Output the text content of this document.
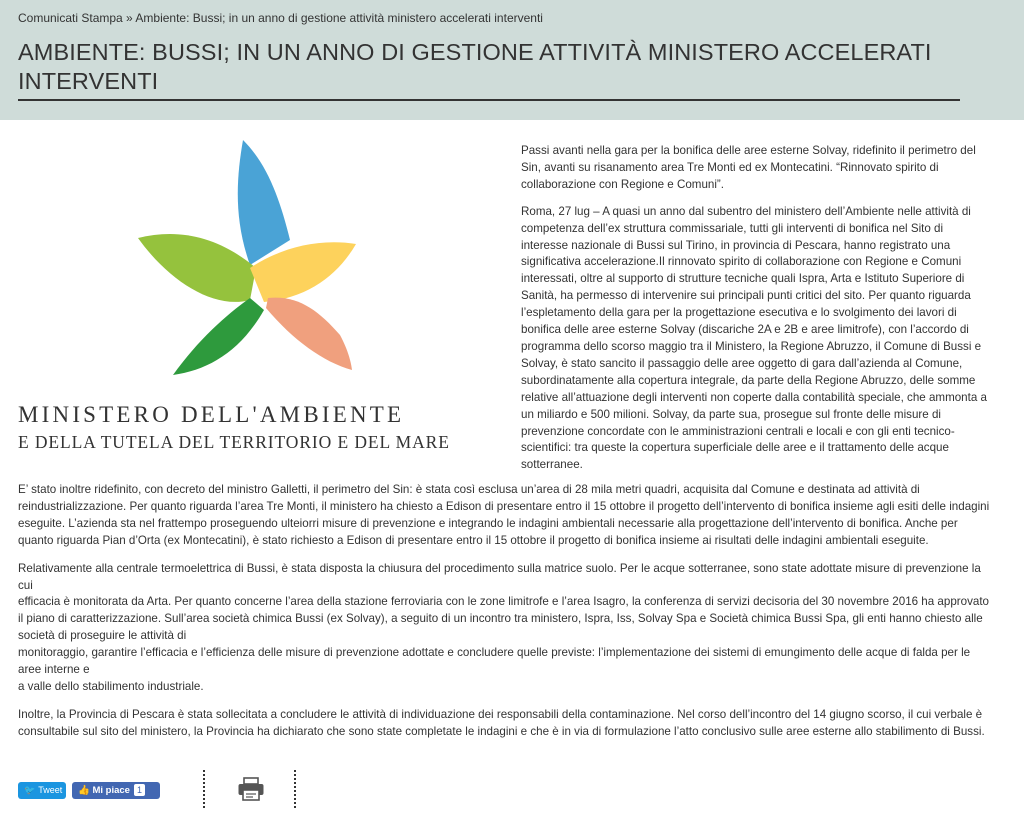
Comunicati Stampa » Ambiente: Bussi; in un anno di gestione attività ministero accelerati interventi
AMBIENTE: BUSSI; IN UN ANNO DI GESTIONE ATTIVITÀ MINISTERO ACCELERATI INTERVENTI
MINISTERO DELL'AMBIENTE
E DELLA TUTELA DEL TERRITORIO E DEL MARE

Passi avanti nella gara per la bonifica delle aree esterne Solvay, ridefinito il perimetro del Sin, avanti su risanamento area Tre Monti ed ex Montecatini. “Rinnovato spirito di collaborazione con Regione e Comuni”.

Roma, 27 lug – A quasi un anno dal subentro del ministero dell’Ambiente nelle attività di competenza dell’ex struttura commissariale, tutti gli interventi di bonifica nel Sito di interesse nazionale di Bussi sul Tirino, in provincia di Pescara, hanno registrato una significativa accelerazione.Il rinnovato spirito di collaborazione con Regione e Comuni interessati, oltre al supporto di strutture tecniche quali Ispra, Arta e Istituto Superiore di Sanità, ha permesso di intervenire sui principali punti critici del sito. Per quanto riguarda l’espletamento della gara per la progettazione esecutiva e lo svolgimento dei lavori di bonifica delle aree esterne Solvay (discariche 2A e 2B e aree limitrofe), con l’accordo di programma dello scorso maggio tra il Ministero, la Regione Abruzzo, il Comune di Bussi e Solvay, è stato sancito il passaggio delle aree oggetto di gara dall’azienda al Comune, subordinatamente alla copertura integrale, da parte della Regione Abruzzo, delle somme relative all’attuazione degli interventi non coperte dalla contabilità speciale, che ammonta a un miliardo e 500 milioni. Solvay, da parte sua, prosegue sul fronte delle misure di prevenzione concordate con le amministrazioni centrali e locali e con gli enti tecnico-scientifici: tra queste la copertura superficiale delle aree e il trattamento delle acque sotterranee.

E’ stato inoltre ridefinito, con decreto del ministro Galletti, il perimetro del Sin: è stata così esclusa un’area di 28 mila metri quadri, acquisita dal Comune e destinata ad attività di reindustrializzazione. Per quanto riguarda l’area Tre Monti, il ministero ha chiesto a Edison di presentare entro il 15 ottobre il progetto dell’intervento di bonifica insieme agli esiti delle indagini eseguite. L’azienda sta nel frattempo proseguendo ulteiorri misure di prevenzione e integrando le indagini ambientali necessarie alla progettazione dell’intervento di bonifica. Anche per quanto riguarda Pian d’Orta (ex Montecatini), è stato richiesto a Edison di presentare entro il 15 ottobre il progetto di bonifica insieme ai risultati delle indagini ambientali eseguite.

Relativamente alla centrale termoelettrica di Bussi, è stata disposta la chiusura del procedimento sulla matrice suolo. Per le acque sotterranee, sono state adottate misure di prevenzione la cui
efficacia è monitorata da Arta. Per quanto concerne l’area della stazione ferroviaria con le zone limitrofe e l’area Isagro, la conferenza di servizi decisoria del 30 novembre 2016 ha approvato il piano di caratterizzazione. Sull’area società chimica Bussi (ex Solvay), a seguito di un incontro tra ministero, Ispra, Iss, Solvay Spa e Società chimica Bussi Spa, gli enti hanno chiesto alle società di proseguire le attività di
monitoraggio, garantire l’efficacia e l’efficienza delle misure di prevenzione adottate e concludere quelle previste: l’implementazione dei sistemi di emungimento delle acque di falda per le aree interne e
a valle dello stabilimento industriale.

Inoltre, la Provincia di Pescara è stata sollecitata a concludere le attività di individuazione dei responsabili della contaminazione. Nel corso dell’incontro del 14 giugno scorso, il cui verbale è consultabile sul sito del ministero, la Provincia ha dichiarato che sono state completate le indagini e che è in via di formulazione l’atto conclusivo sulle aree esterne allo stabilimento di Bussi.

🐦 Tweet	👍 Mi piace 1
